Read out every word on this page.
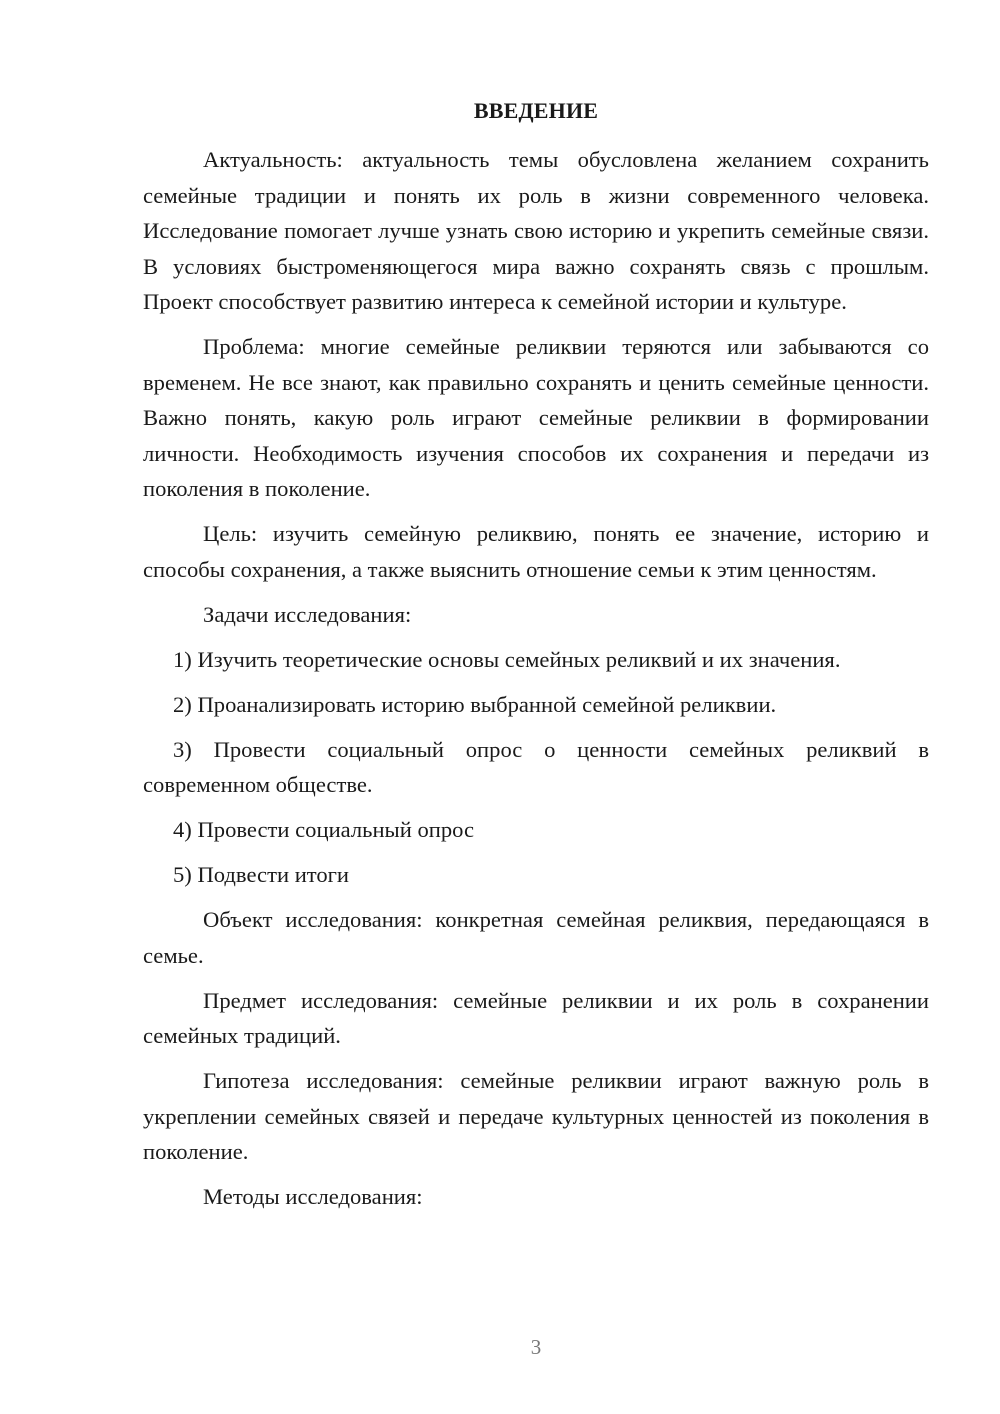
ВВЕДЕНИЕ

Актуальность: актуальность темы обусловлена желанием сохранить семейные традиции и понять их роль в жизни современного человека. Исследование помогает лучше узнать свою историю и укрепить семейные связи. В условиях быстроменяющегося мира важно сохранять связь с прошлым. Проект способствует развитию интереса к семейной истории и культуре.

Проблема: многие семейные реликвии теряются или забываются со временем. Не все знают, как правильно сохранять и ценить семейные ценности. Важно понять, какую роль играют семейные реликвии в формировании личности. Необходимость изучения способов их сохранения и передачи из поколения в поколение.

Цель: изучить семейную реликвию, понять ее значение, историю и способы сохранения, а также выяснить отношение семьи к этим ценностям.

Задачи исследования:

1) Изучить теоретические основы семейных реликвий и их значения.

2) Проанализировать историю выбранной семейной реликвии.

3) Провести социальный опрос о ценности семейных реликвий в современном обществе.

4) Провести социальный опрос

5) Подвести итоги

Объект исследования: конкретная семейная реликвия, передающаяся в семье.

Предмет исследования: семейные реликвии и их роль в сохранении семейных традиций.

Гипотеза исследования: семейные реликвии играют важную роль в укреплении семейных связей и передаче культурных ценностей из поколения в поколение.

Методы исследования:

3
